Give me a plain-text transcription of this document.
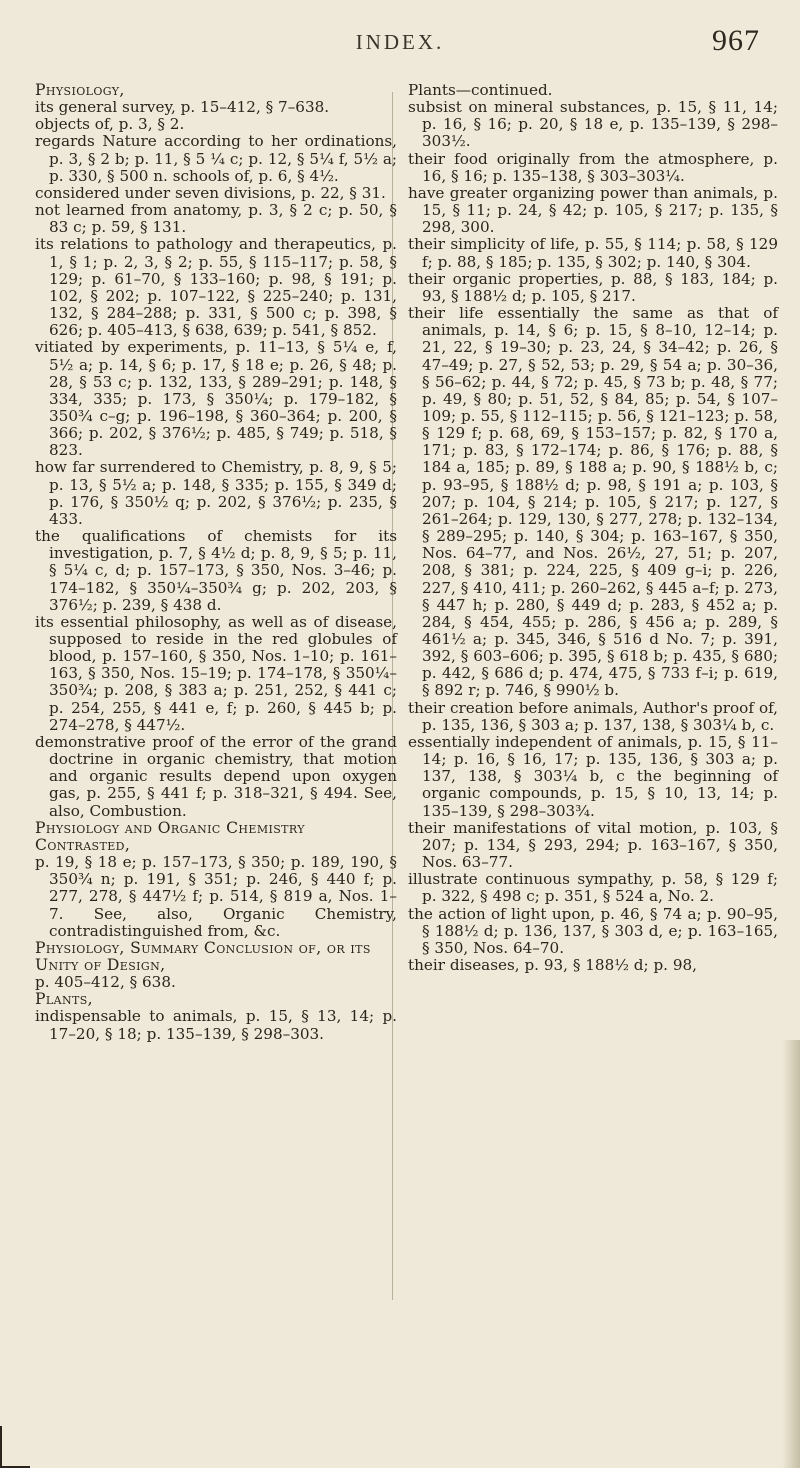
INDEX.	967
Physiology,

its general survey, p. 15–412, § 7–638.

objects of, p. 3, § 2.

regards Nature according to her ordinations, p. 3, § 2 b; p. 11, § 5 ¼ c; p. 12, § 5¼ f, 5½ a; p. 330, § 500 n. schools of, p. 6, § 4½.

considered under seven divisions, p. 22, § 31.

not learned from anatomy, p. 3, § 2 c; p. 50, § 83 c; p. 59, § 131.

its relations to pathology and therapeutics, p. 1, § 1; p. 2, 3, § 2; p. 55, § 115–117; p. 58, § 129; p. 61–70, § 133–160; p. 98, § 191; p. 102, § 202; p. 107–122, § 225–240; p. 131, 132, § 284–288; p. 331, § 500 c; p. 398, § 626; p. 405–413, § 638, 639; p. 541, § 852.

vitiated by experiments, p. 11–13, § 5¼ e, f, 5½ a; p. 14, § 6; p. 17, § 18 e; p. 26, § 48; p. 28, § 53 c; p. 132, 133, § 289–291; p. 148, § 334, 335; p. 173, § 350¼; p. 179–182, § 350¾ c–g; p. 196–198, § 360–364; p. 200, § 366; p. 202, § 376½; p. 485, § 749; p. 518, § 823.

how far surrendered to Chemistry, p. 8, 9, § 5; p. 13, § 5½ a; p. 148, § 335; p. 155, § 349 d; p. 176, § 350½ q; p. 202, § 376½; p. 235, § 433.

the qualifications of chemists for its investigation, p. 7, § 4½ d; p. 8, 9, § 5; p. 11, § 5¼ c, d; p. 157–173, § 350, Nos. 3–46; p. 174–182, § 350¼–350¾ g; p. 202, 203, § 376½; p. 239, § 438 d.

its essential philosophy, as well as of disease, supposed to reside in the red globules of blood, p. 157–160, § 350, Nos. 1–10; p. 161–163, § 350, Nos. 15–19; p. 174–178, § 350¼–350¾; p. 208, § 383 a; p. 251, 252, § 441 c; p. 254, 255, § 441 e, f; p. 260, § 445 b; p. 274–278, § 447½.

demonstrative proof of the error of the grand doctrine in organic chemistry, that motion and organic results depend upon oxygen gas, p. 255, § 441 f; p. 318–321, § 494. See, also, Combustion.

Physiology and Organic Chemistry Contrasted,

p. 19, § 18 e; p. 157–173, § 350; p. 189, 190, § 350¾ n; p. 191, § 351; p. 246, § 440 f; p. 277, 278, § 447½ f; p. 514, § 819 a, Nos. 1–7. See, also, Organic Chemistry, contradistinguished from, &c.

Physiology, Summary Conclusion of, or its Unity of Design,

p. 405–412, § 638.

Plants,

indispensable to animals, p. 15, § 13, 14; p. 17–20, § 18; p. 135–139, § 298–303.

Plants—continued.

subsist on mineral substances, p. 15, § 11, 14; p. 16, § 16; p. 20, § 18 e, p. 135–139, § 298–303½.

their food originally from the atmosphere, p. 16, § 16; p. 135–138, § 303–303¼.

have greater organizing power than animals, p. 15, § 11; p. 24, § 42; p. 105, § 217; p. 135, § 298, 300.

their simplicity of life, p. 55, § 114; p. 58, § 129 f; p. 88, § 185; p. 135, § 302; p. 140, § 304.

their organic properties, p. 88, § 183, 184; p. 93, § 188½ d; p. 105, § 217.

their life essentially the same as that of animals, p. 14, § 6; p. 15, § 8–10, 12–14; p. 21, 22, § 19–30; p. 23, 24, § 34–42; p. 26, § 47–49; p. 27, § 52, 53; p. 29, § 54 a; p. 30–36, § 56–62; p. 44, § 72; p. 45, § 73 b; p. 48, § 77; p. 49, § 80; p. 51, 52, § 84, 85; p. 54, § 107–109; p. 55, § 112–115; p. 56, § 121–123; p. 58, § 129 f; p. 68, 69, § 153–157; p. 82, § 170 a, 171; p. 83, § 172–174; p. 86, § 176; p. 88, § 184 a, 185; p. 89, § 188 a; p. 90, § 188½ b, c; p. 93–95, § 188½ d; p. 98, § 191 a; p. 103, § 207; p. 104, § 214; p. 105, § 217; p. 127, § 261–264; p. 129, 130, § 277, 278; p. 132–134, § 289–295; p. 140, § 304; p. 163–167, § 350, Nos. 64–77, and Nos. 26½, 27, 51; p. 207, 208, § 381; p. 224, 225, § 409 g–i; p. 226, 227, § 410, 411; p. 260–262, § 445 a–f; p. 273, § 447 h; p. 280, § 449 d; p. 283, § 452 a; p. 284, § 454, 455; p. 286, § 456 a; p. 289, § 461½ a; p. 345, 346, § 516 d No. 7; p. 391, 392, § 603–606; p. 395, § 618 b; p. 435, § 680; p. 442, § 686 d; p. 474, 475, § 733 f–i; p. 619, § 892 r; p. 746, § 990½ b.

their creation before animals, Author's proof of, p. 135, 136, § 303 a; p. 137, 138, § 303¼ b, c.

essentially independent of animals, p. 15, § 11–14; p. 16, § 16, 17; p. 135, 136, § 303 a; p. 137, 138, § 303¼ b, c the beginning of organic compounds, p. 15, § 10, 13, 14; p. 135–139, § 298–303¾.

their manifestations of vital motion, p. 103, § 207; p. 134, § 293, 294; p. 163–167, § 350, Nos. 63–77.

illustrate continuous sympathy, p. 58, § 129 f; p. 322, § 498 c; p. 351, § 524 a, No. 2.

the action of light upon, p. 46, § 74 a; p. 90–95, § 188½ d; p. 136, 137, § 303 d, e; p. 163–165, § 350, Nos. 64–70.

their diseases, p. 93, § 188½ d; p. 98,
